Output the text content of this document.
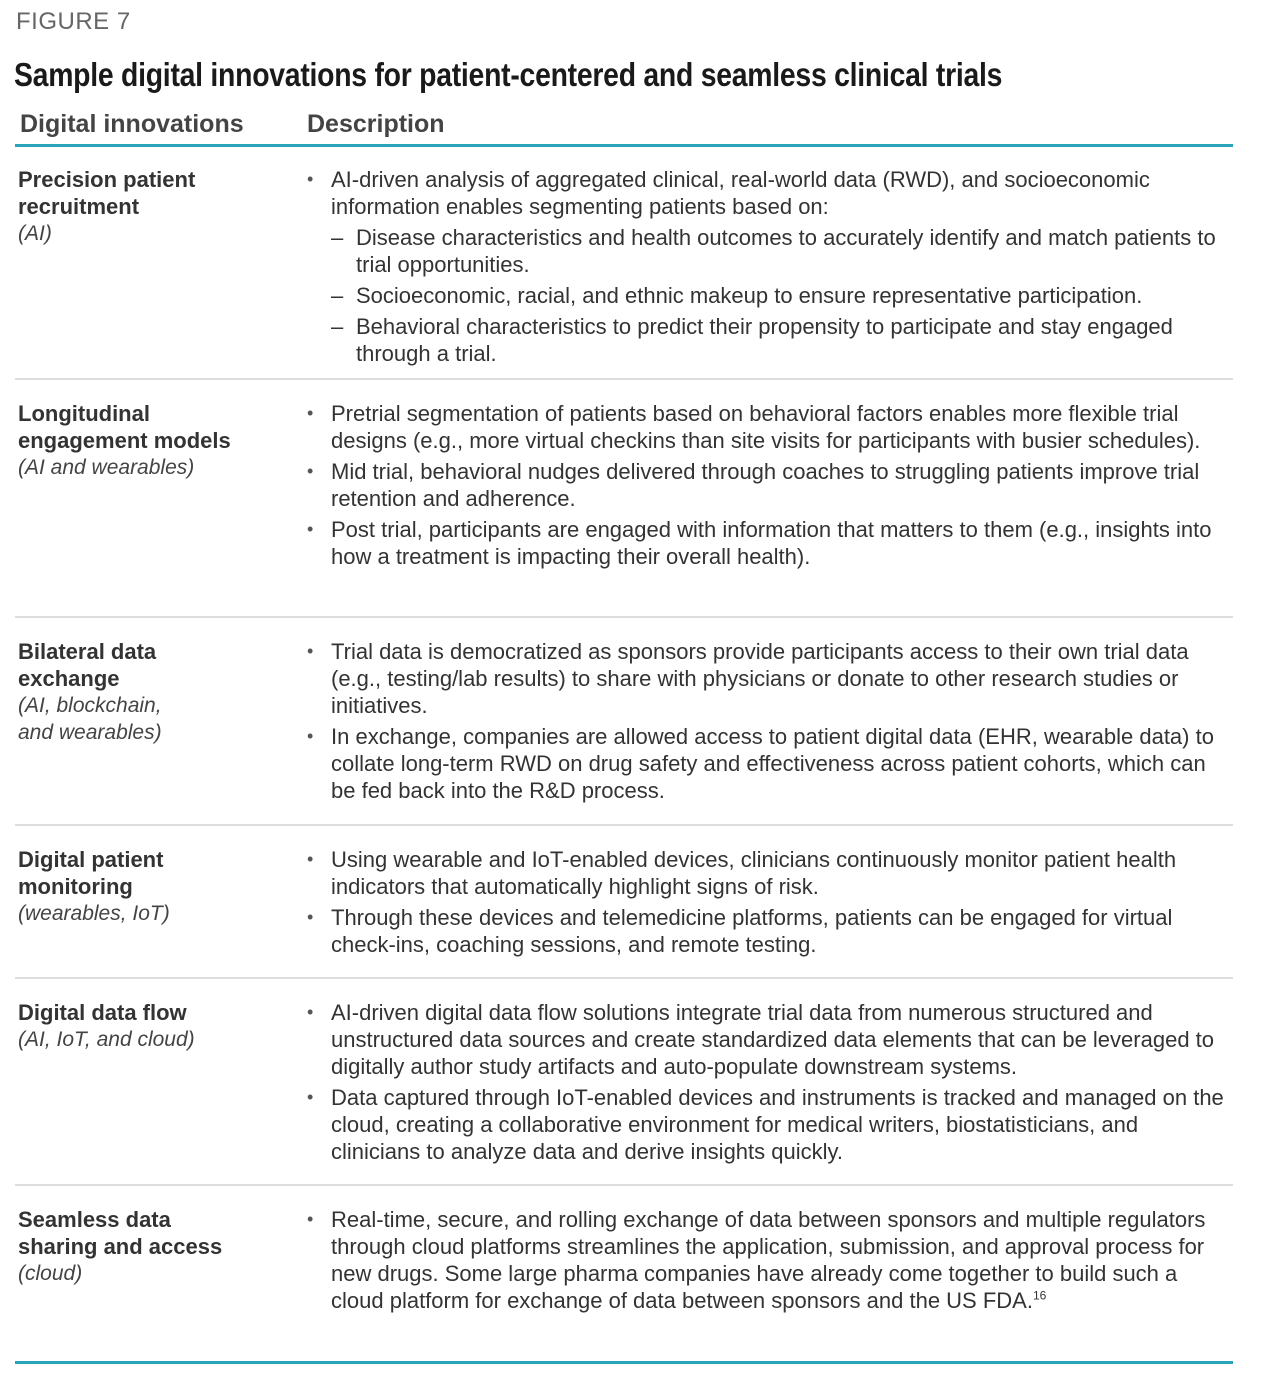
FIGURE 7
Sample digital innovations for patient-centered and seamless clinical trials
Digital innovations	Description
Precision patient
recruitment
(AI)
• AI-driven analysis of aggregated clinical, real-world data (RWD), and socioeconomic information enables segmenting patients based on:
– Disease characteristics and health outcomes to accurately identify and match patients to trial opportunities.
– Socioeconomic, racial, and ethnic makeup to ensure representative participation.
– Behavioral characteristics to predict their propensity to participate and stay engaged through a trial.
Longitudinal
engagement models
(AI and wearables)
• Pretrial segmentation of patients based on behavioral factors enables more flexible trial designs (e.g., more virtual checkins than site visits for participants with busier schedules).
• Mid trial, behavioral nudges delivered through coaches to struggling patients improve trial retention and adherence.
• Post trial, participants are engaged with information that matters to them (e.g., insights into how a treatment is impacting their overall health).
Bilateral data
exchange
(AI, blockchain,
and wearables)
• Trial data is democratized as sponsors provide participants access to their own trial data (e.g., testing/lab results) to share with physicians or donate to other research studies or initiatives.
• In exchange, companies are allowed access to patient digital data (EHR, wearable data) to collate long-term RWD on drug safety and effectiveness across patient cohorts, which can be fed back into the R&D process.
Digital patient
monitoring
(wearables, IoT)
• Using wearable and IoT-enabled devices, clinicians continuously monitor patient health indicators that automatically highlight signs of risk.
• Through these devices and telemedicine platforms, patients can be engaged for virtual check-ins, coaching sessions, and remote testing.
Digital data flow
(AI, IoT, and cloud)
• AI-driven digital data flow solutions integrate trial data from numerous structured and unstructured data sources and create standardized data elements that can be leveraged to digitally author study artifacts and auto-populate downstream systems.
• Data captured through IoT-enabled devices and instruments is tracked and managed on the cloud, creating a collaborative environment for medical writers, biostatisticians, and clinicians to analyze data and derive insights quickly.
Seamless data
sharing and access
(cloud)
• Real-time, secure, and rolling exchange of data between sponsors and multiple regulators through cloud platforms streamlines the application, submission, and approval process for new drugs. Some large pharma companies have already come together to build such a cloud platform for exchange of data between sponsors and the US FDA.$^{16}$
